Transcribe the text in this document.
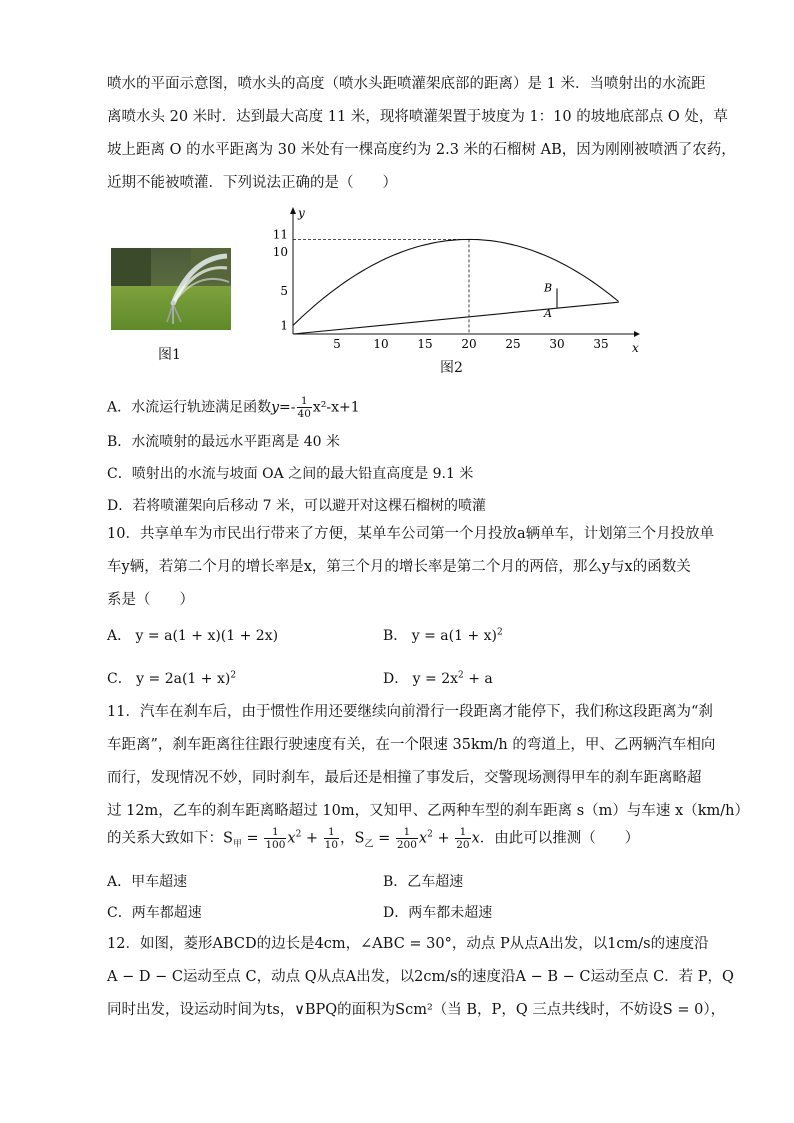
喷水的平面示意图，喷水头的高度（喷水头距喷灌架底部的距离）是 1 米．当喷射出的水流距
离喷水头 20 米时．达到最大高度 11 米，现将喷灌架置于坡度为 1：10 的坡地底部点 O 处，草
坡上距离 O 的水平距离为 30 米处有一棵高度约为 2.3 米的石榴树 AB，因为刚刚被喷洒了农药，
近期不能被喷灌．下列说法正确的是（　　）
图1
y
x
5	10 15 20 25 30 35
1
5
10
11
B
A
图2
A．水流运行轨迹满足函数$y=- \frac{1}{40} x^2-x+1$
B．水流喷射的最远水平距离是 40 米
C．喷射出的水流与坡面 OA 之间的最大铅直高度是 9.1 米
D．若将喷灌架向后移动 7 米，可以避开对这棵石榴树的喷灌
10．共享单车为市民出行带来了方便，某单车公司第一个月投放a辆单车，计划第三个月投放单
车y辆，若第二个月的增长率是x，第三个月的增长率是第二个月的两倍，那么y与x的函数关
系是（　　）
A． y = a(1 + x)(1 + 2x)	B． $y = a(1 + x)^2$
C． $y = 2a(1 + x)^2$	D． $y = 2x^2 + a$
11．汽车在刹车后，由于惯性作用还要继续向前滑行一段距离才能停下，我们称这段距离为“刹
车距离”，刹车距离往往跟行驶速度有关，在一个限速 35km/h 的弯道上，甲、乙两辆汽车相向
而行，发现情况不妙，同时刹车，最后还是相撞了事发后，交警现场测得甲车的刹车距离略超
过 12m，乙车的刹车距离略超过 10m，又知甲、乙两种车型的刹车距离 s（m）与车速 x（km/h）
的关系大致如下：$S_甲 = \frac{1}{100} x^2 + \frac{1}{10}$ ，$S_乙 = \frac{1}{200} x^2 + \frac{1}{20}$ x．由此可以推测（　　）
A．甲车超速	B．乙车超速
C．两车都超速	D．两车都未超速
12．如图，菱形ABCD的边长是4cm，∠ABC = 30°，动点 P从点A出发，以1cm/s的速度沿
A − D − C运动至点 C，动点 Q从点A出发，以2cm/s的速度沿A − B − C运动至点 C．若 P，Q
同时出发，设运动时间为ts，∨BPQ的面积为Scm²（当 B，P，Q 三点共线时，不妨设S = 0），
